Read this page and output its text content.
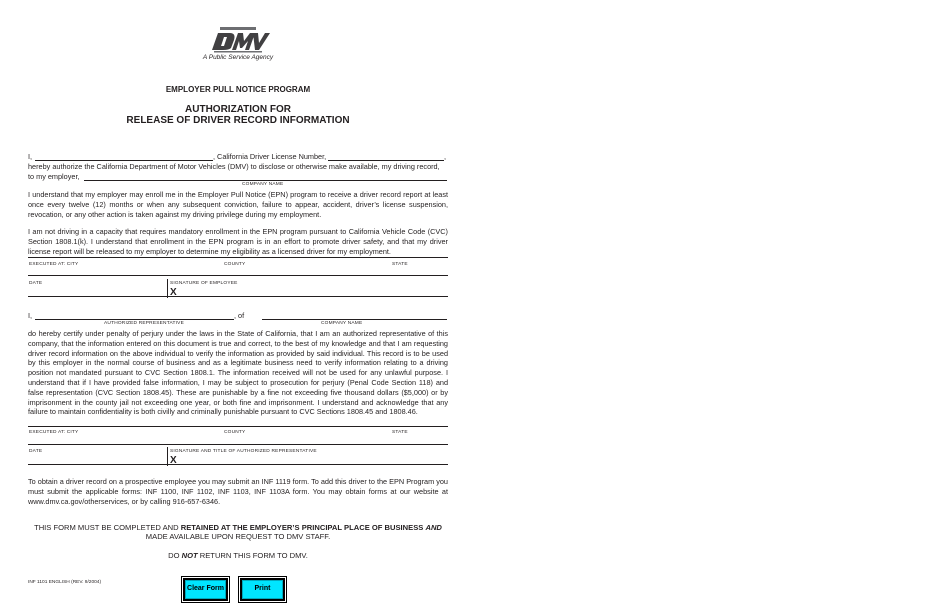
A Public Service Agency
EMPLOYER PULL NOTICE PROGRAM
AUTHORIZATION FOR
RELEASE OF DRIVER RECORD INFORMATION
I,	, California Driver License Number,	,
hereby authorize the California Department of Motor Vehicles (DMV) to disclose or otherwise make available, my driving record,
to my employer,
COMPANY NAME
I understand that my employer may enroll me in the Employer Pull Notice (EPN) program to receive a driver record report at least once every twelve (12) months or when any subsequent conviction, failure to appear, accident, driver’s license suspension, revocation, or any other action is taken against my driving privilege during my employment.
I am not driving in a capacity that requires mandatory enrollment in the EPN program pursuant to California Vehicle Code (CVC) Section 1808.1(k). I understand that enrollment in the EPN program is in an effort to promote driver safety, and that my driver license report will be released to my employer to determine my eligibility as a licensed driver for my employment.
EXECUTED AT: CITY	COUNTY	STATE
DATE	SIGNATURE OF EMPLOYEE
X
I,	, of
AUTHORIZED REPRESENTATIVE	COMPANY NAME
do hereby certify under penalty of perjury under the laws in the State of California, that I am an authorized representative of this company, that the information entered on this document is true and correct, to the best of my knowledge and that I am requesting driver record information on the above individual to verify the information as provided by said individual. This record is to be used by this employer in the normal course of business and as a legitimate business need to verify information relating to a driving position not mandated pursuant to CVC Section 1808.1. The information received will not be used for any unlawful purpose. I understand that if I have provided false information, I may be subject to prosecution for perjury (Penal Code Section 118) and false representation (CVC Section 1808.45). These are punishable by a fine not exceeding five thousand dollars ($5,000) or by imprisonment in the county jail not exceeding one year, or both fine and imprisonment. I understand and acknowledge that any failure to maintain confidentiality is both civilly and criminally punishable pursuant to CVC Sections 1808.45 and 1808.46.
EXECUTED AT: CITY	COUNTY	STATE
DATE	SIGNATURE AND TITLE OF AUTHORIZED REPRESENTATIVE
X
To obtain a driver record on a prospective employee you may submit an INF 1119 form. To add this driver to the EPN Program you must submit the applicable forms: INF 1100, INF 1102, INF 1103, INF 1103A form. You may obtain forms at our website at www.dmv.ca.gov/otherservices, or by calling 916-657-6346.
THIS FORM MUST BE COMPLETED AND RETAINED AT THE EMPLOYER’S PRINCIPAL PLACE OF BUSINESS AND
MADE AVAILABLE UPON REQUEST TO DMV STAFF.
DO NOT RETURN THIS FORM TO DMV.
INF 1101 ENGLISH (REV. 9/2004)
Clear Form	Print
